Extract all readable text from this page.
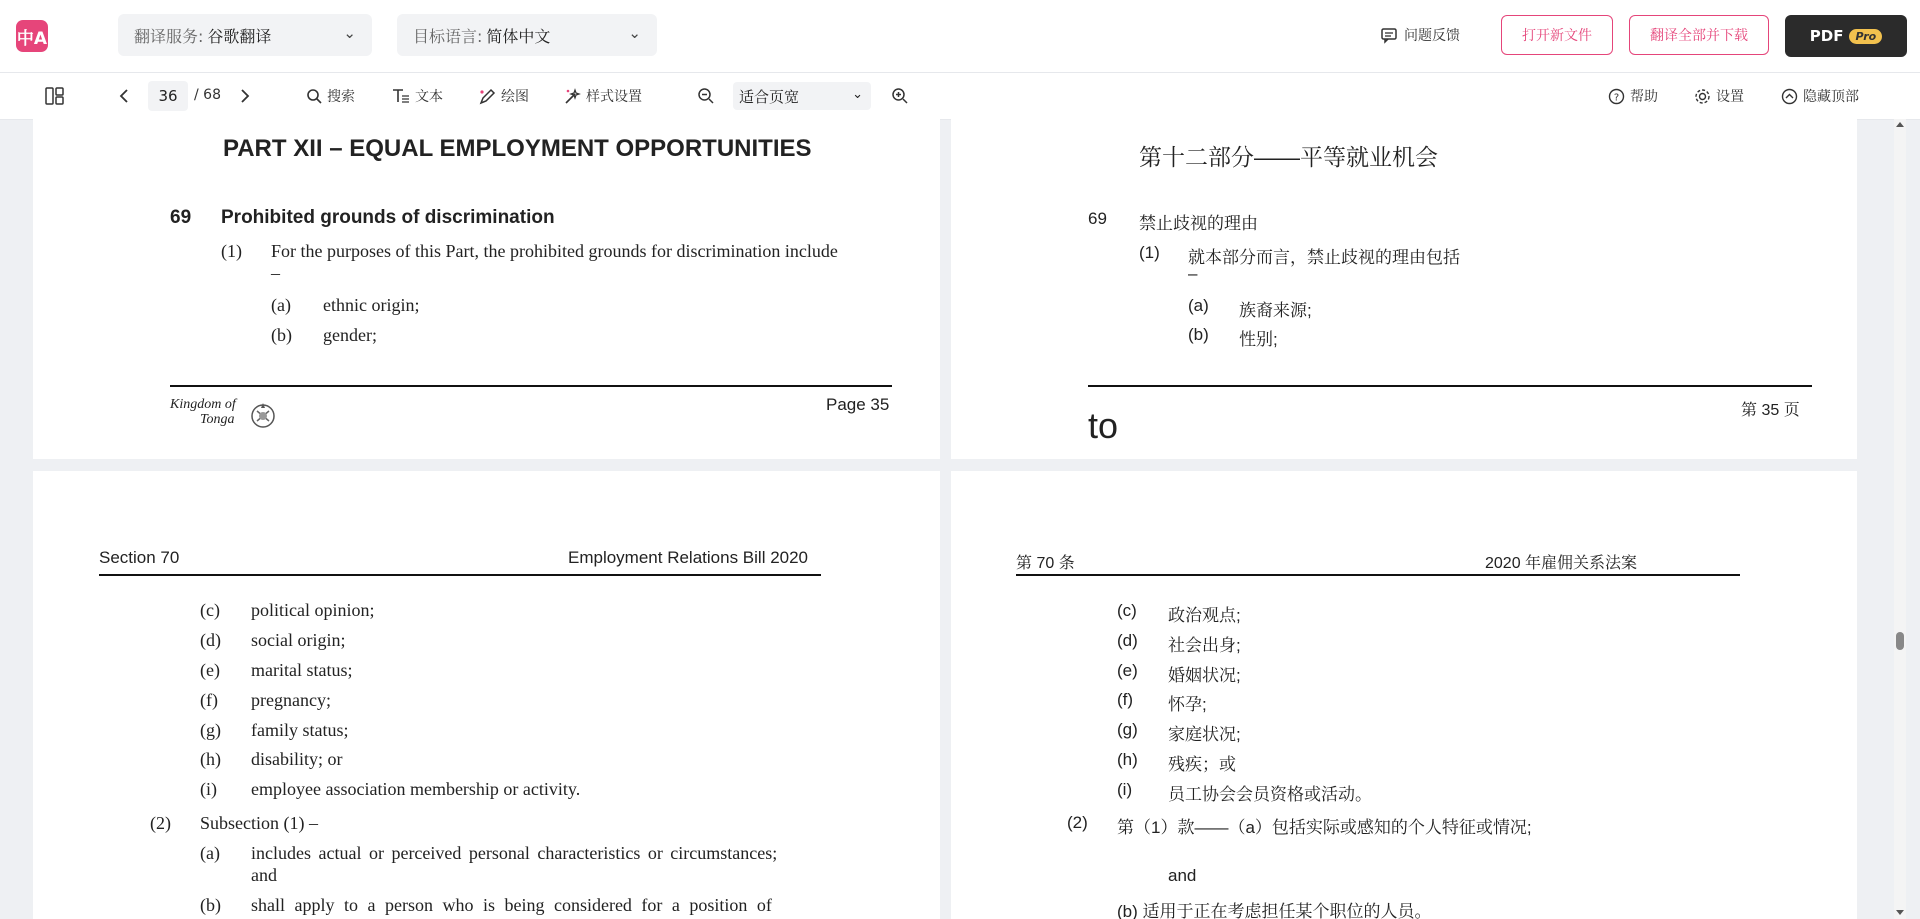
中A	翻译服务: 谷歌翻译	⌄	目标语言: 简体中文	⌄	问题反馈	打开新文件	翻译全部并下载	PDF	Pro
36	/ 68	搜索	文本	绘图	样式设置	适合页宽	⌄	? 帮助	设置	隐藏顶部
PART XII – EQUAL EMPLOYMENT OPPORTUNITIES
69 Prohibited grounds of discrimination
(1) For the purposes of this Part, the prohibited grounds for discrimination include
–
(a) ethnic origin;
(b) gender;
Kingdom of
Tonga
Page 35
第十二部分——平等就业机会
69 禁止歧视的理由
(1) 就本部分而言，禁止歧视的理由包括
–
(a) 族裔来源;
(b) 性别;
第 35 页
to
Section 70	Employment Relations Bill 2020
(c) political opinion;
(d) social origin;
(e) marital status;
(f) pregnancy;
(g) family status;
(h) disability; or
(i) employee association membership or activity.
(2) Subsection (1) –
(a) includes actual or perceived personal characteristics or circumstances;
and
(b) shall apply to a person who is being considered for a position of
第 70 条	2020 年雇佣关系法案
(c) 政治观点;
(d) 社会出身;
(e) 婚姻状况;
(f) 怀孕;
(g) 家庭状况;
(h) 残疾；或
(i) 员工协会会员资格或活动。
(2) 第（1）款——（a）包括实际或感知的个人特征或情况;
and
(b) 适用于正在考虑担任某个职位的人员。
